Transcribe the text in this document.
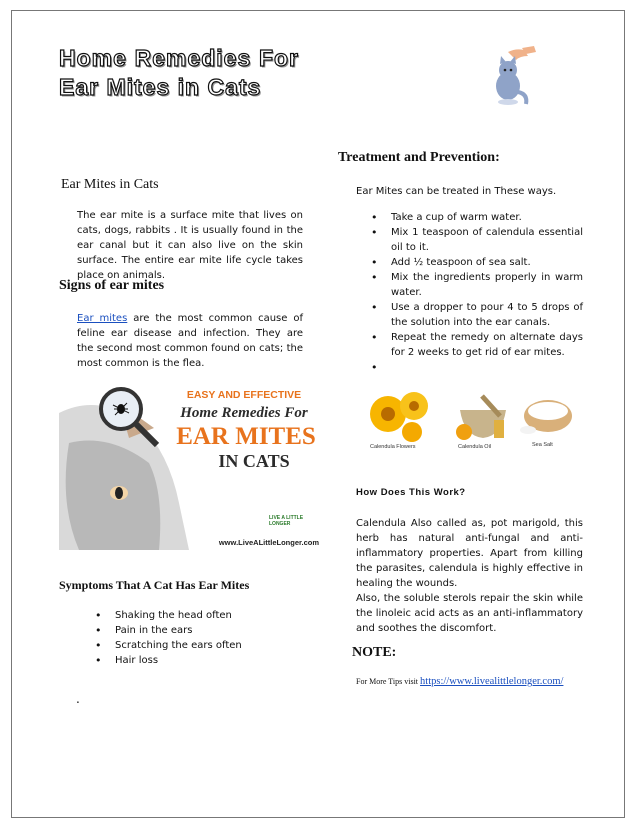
Home Remedies For Ear Mites in Cats
Ear Mites in Cats
The ear mite is a surface mite that lives on cats, dogs, rabbits . It is usually found in the ear canal but it can also live on the skin surface. The entire ear mite life cycle takes place on animals.
Signs of ear mites
Ear mites are the most common cause of feline ear disease and infection. They are the second most common found on cats; the most common is the flea.
EASY AND EFFECTIVE
Home Remedies For
EAR MITES
IN CATS
LIVE A LITTLE LONGER
www.LiveALittleLonger.com
Symptoms That A Cat Has Ear Mites
• Shaking the head often
• Pain in the ears
• Scratching the ears often
• Hair loss
.
Treatment and Prevention:
Ear Mites can be treated in These ways.
• Take a cup of warm water.
• Mix 1 teaspoon of calendula essential oil to it.
• Add ½ teaspoon of sea salt.
• Mix the ingredients properly in warm water.
• Use a dropper to pour 4 to 5 drops of the solution into the ear canals.
• Repeat the remedy on alternate days for 2 weeks to get rid of ear mites.
•
Calendula Flowers	Calendula Oil	Sea Salt
How Does This Work?
Calendula Also called as, pot marigold, this herb has natural anti-fungal and anti-inflammatory properties. Apart from killing the parasites, calendula is highly effective in healing the wounds.
Also, the soluble sterols repair the skin while the linoleic acid acts as an anti-inflammatory and soothes the discomfort.
NOTE:
For More Tips visit https://www.livealittlelonger.com/
